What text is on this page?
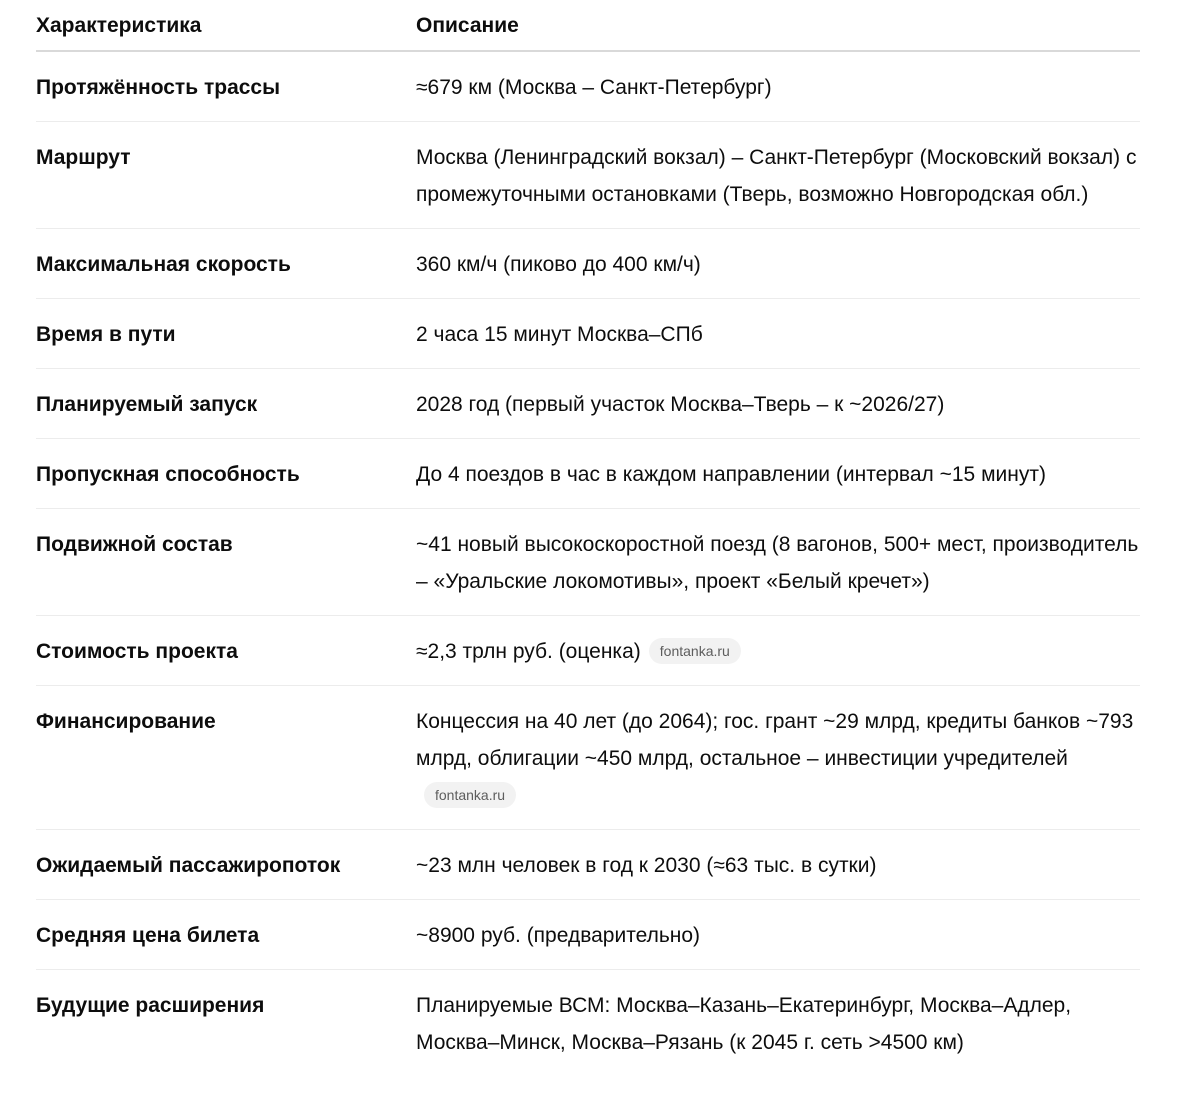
Характеристика	Описание
Протяжённость трассы	≈679 км (Москва – Санкт-Петербург)
Маршрут	Москва (Ленинградский вокзал) – Санкт-Петербург (Московский вокзал) с промежуточными остановками (Тверь, возможно Новгородская обл.)
Максимальная скорость	360 км/ч (пиково до 400 км/ч)
Время в пути	2 часа 15 минут Москва–СПб
Планируемый запуск	2028 год (первый участок Москва–Тверь – к ~2026/27)
Пропускная способность	До 4 поездов в час в каждом направлении (интервал ~15 минут)
Подвижной состав	~41 новый высокоскоростной поезд (8 вагонов, 500+ мест, производитель – «Уральские локомотивы», проект «Белый кречет»)
Стоимость проекта	≈2,3 трлн руб. (оценка) fontanka.ru
Финансирование	Концессия на 40 лет (до 2064); гос. грант ~29 млрд, кредиты банков ~793 млрд, облигации ~450 млрд, остальное – инвестиции учредителейfontanka.ru
Ожидаемый пассажиропоток	~23 млн человек в год к 2030 (≈63 тыс. в сутки)
Средняя цена билета	~8900 руб. (предварительно)
Будущие расширения	Планируемые ВСМ: Москва–Казань–Екатеринбург, Москва–Адлер, Москва–Минск, Москва–Рязань (к 2045 г. сеть >4500 км)
